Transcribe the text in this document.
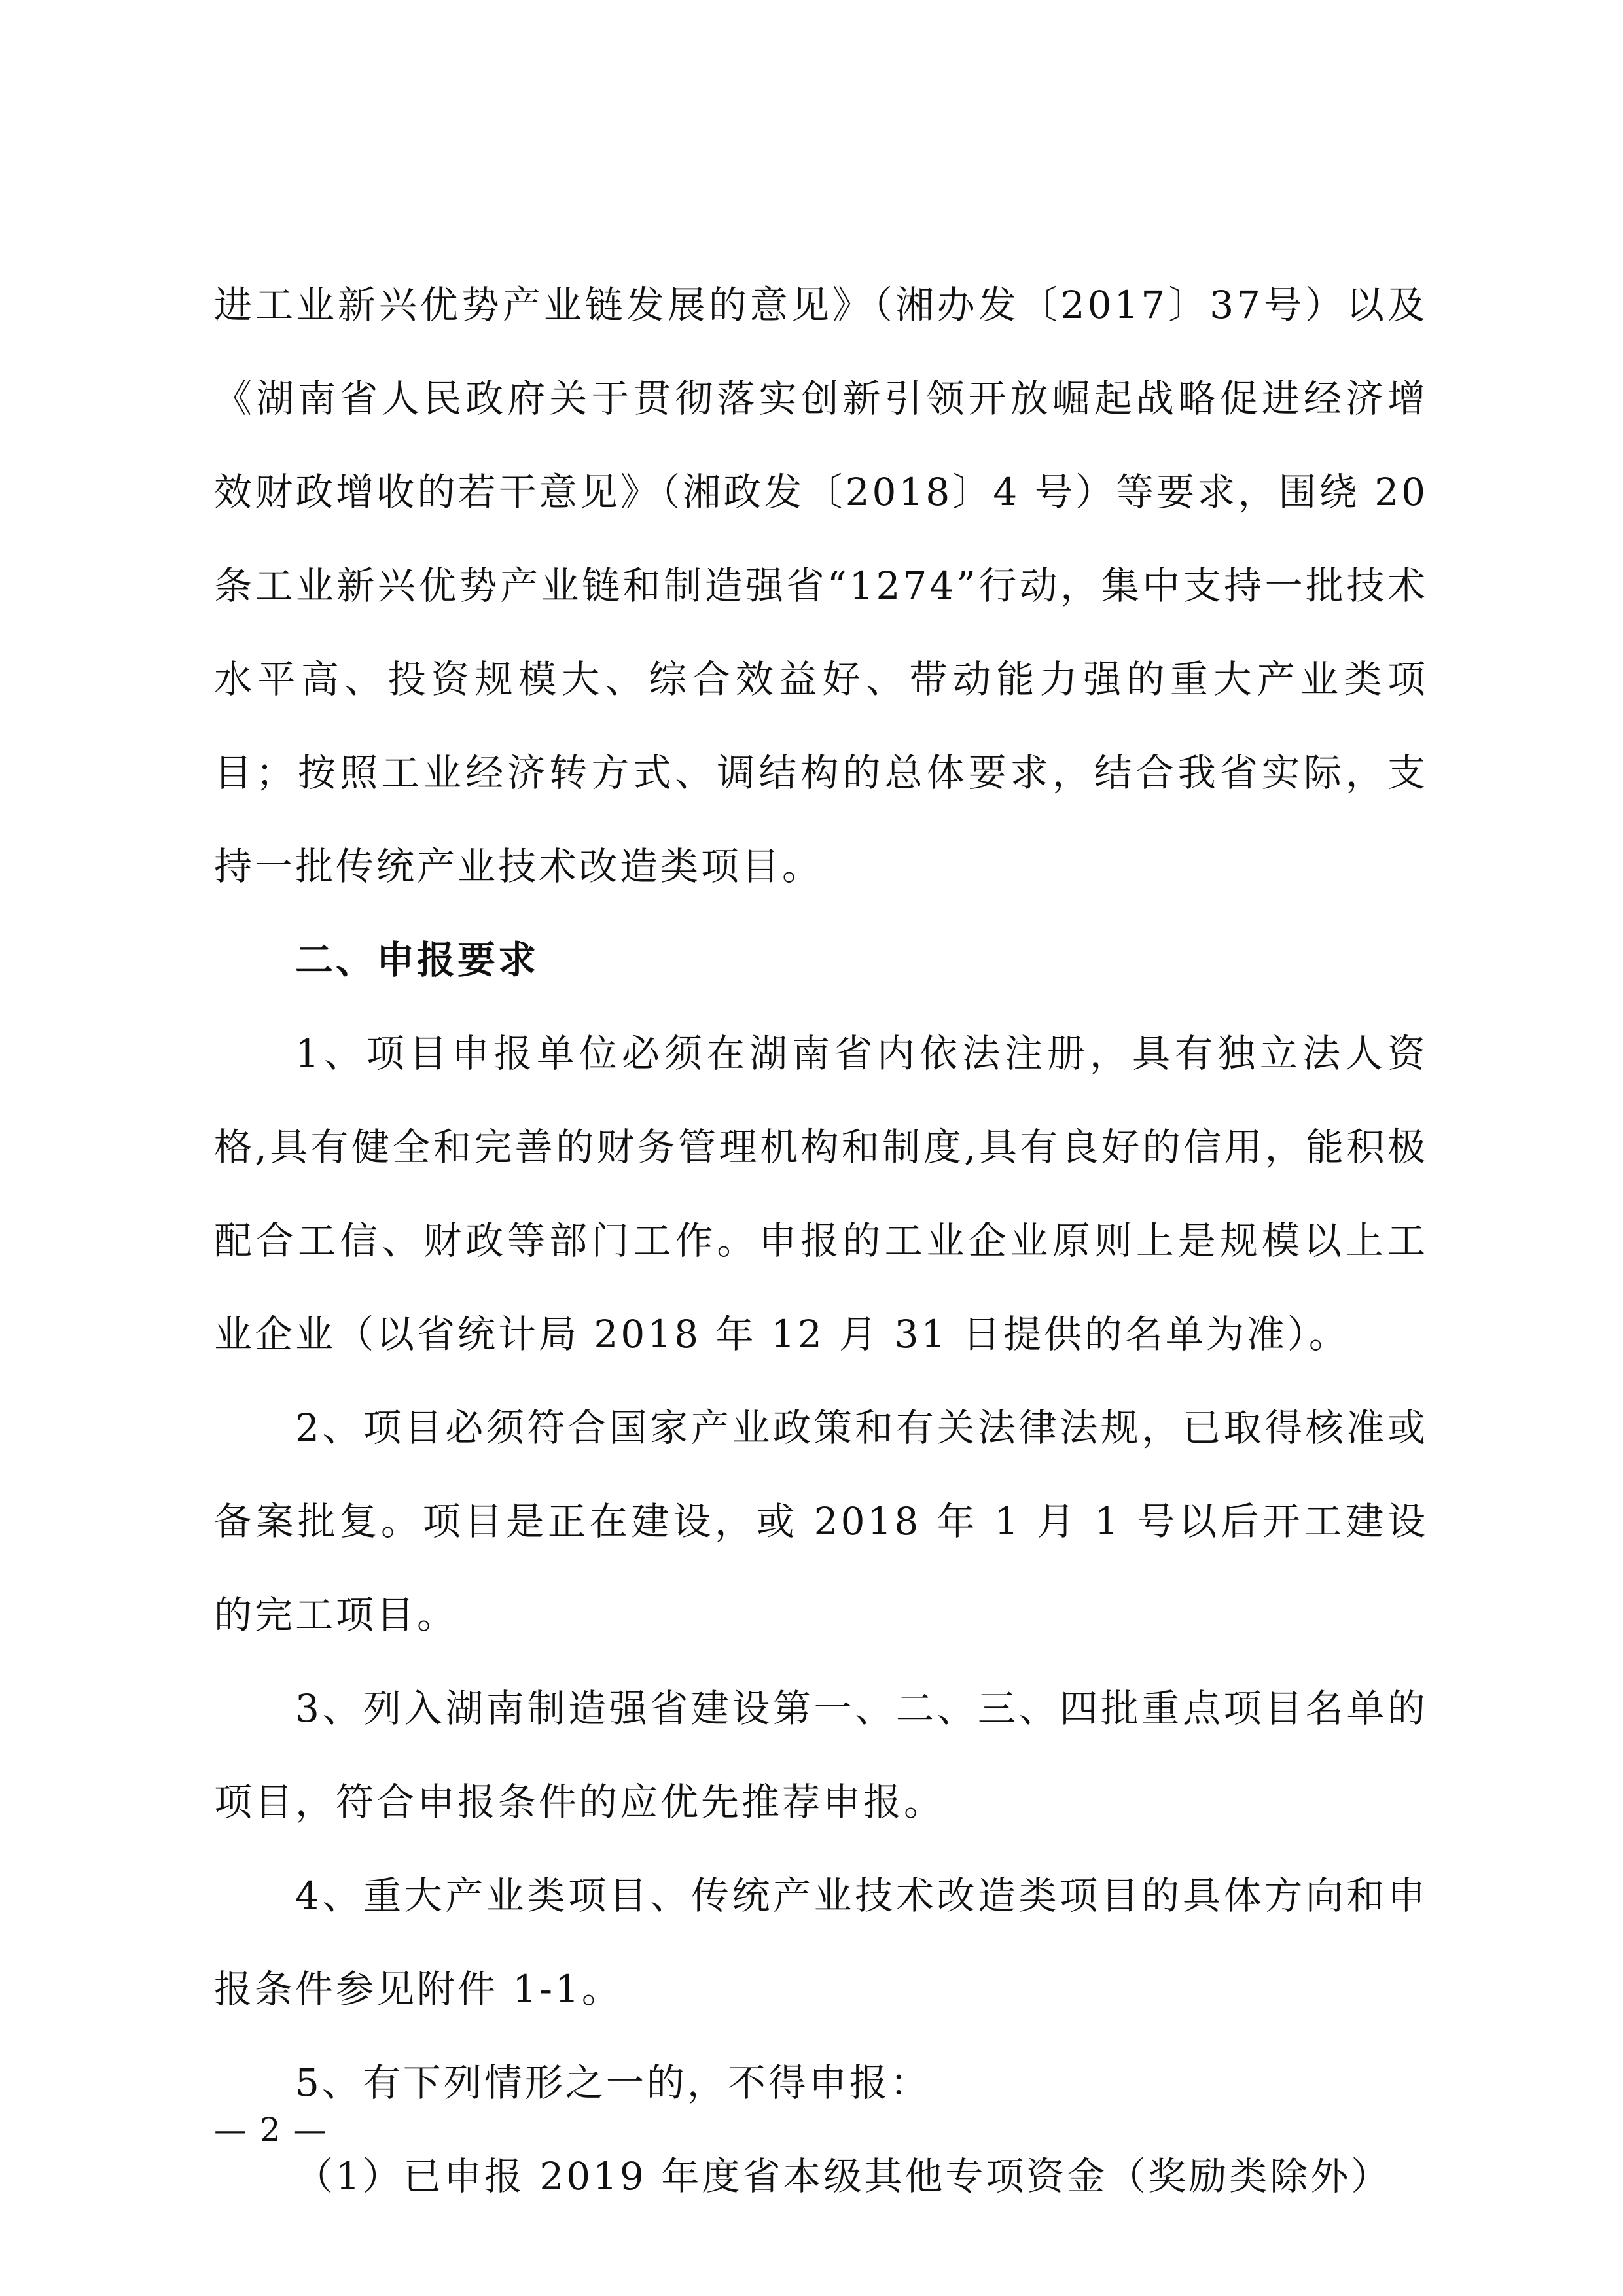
进工业新兴优势产业链发展的意见》（湘办发〔2017〕37号）以及《湖南省人民政府关于贯彻落实创新引领开放崛起战略促进经济增效财政增收的若干意见》（湘政发〔2018〕4 号）等要求，围绕 20 条工业新兴优势产业链和制造强省“1274”行动，集中支持一批技术水平高、投资规模大、综合效益好、带动能力强的重大产业类项目；按照工业经济转方式、调结构的总体要求，结合我省实际，支持一批传统产业技术改造类项目。

二、申报要求

1、项目申报单位必须在湖南省内依法注册，具有独立法人资格,具有健全和完善的财务管理机构和制度,具有良好的信用，能积极配合工信、财政等部门工作。申报的工业企业原则上是规模以上工业企业（以省统计局 2018 年 12 月 31 日提供的名单为准）。

2、项目必须符合国家产业政策和有关法律法规，已取得核准或备案批复。项目是正在建设，或 2018 年 1 月 1 号以后开工建设的完工项目。

3、列入湖南制造强省建设第一、二、三、四批重点项目名单的项目，符合申报条件的应优先推荐申报。

4、重大产业类项目、传统产业技术改造类项目的具体方向和申报条件参见附件 1-1。

5、有下列情形之一的，不得申报：

（1）已申报 2019 年度省本级其他专项资金（奖励类除外）

— 2 —
